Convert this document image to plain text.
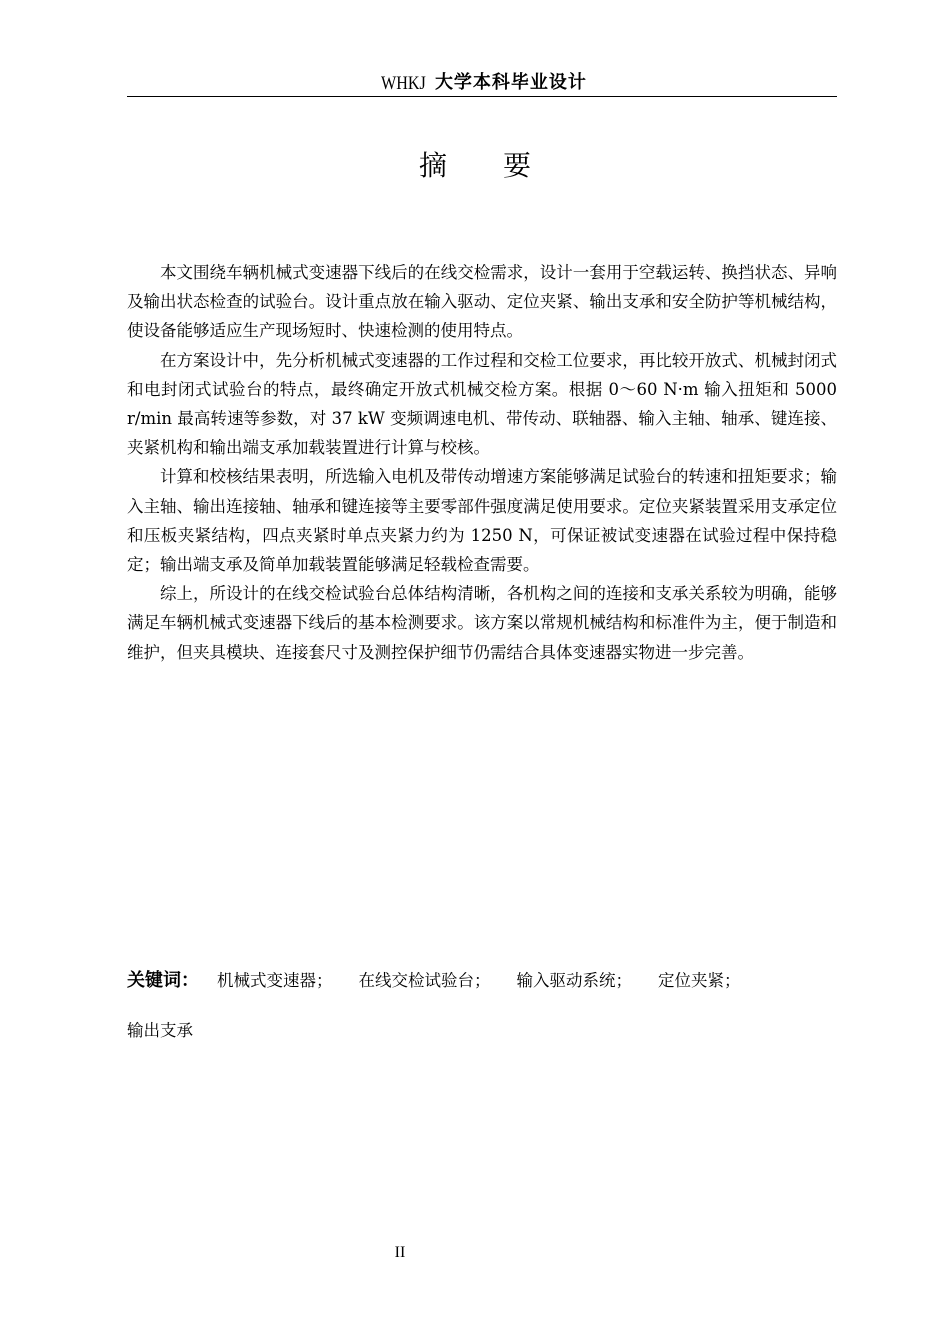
WHKJ 大学本科毕业设计
摘要

本文围绕车辆机械式变速器下线后的在线交检需求，设计一套用于空载运转、换挡状态、异响及输出状态检查的试验台。设计重点放在输入驱动、定位夹紧、输出支承和安全防护等机械结构，使设备能够适应生产现场短时、快速检测的使用特点。

在方案设计中，先分析机械式变速器的工作过程和交检工位要求，再比较开放式、机械封闭式和电封闭式试验台的特点，最终确定开放式机械交检方案。根据 0～60 N·m 输入扭矩和 5000 r/min 最高转速等参数，对 37 kW 变频调速电机、带传动、联轴器、输入主轴、轴承、键连接、夹紧机构和输出端支承加载装置进行计算与校核。

计算和校核结果表明，所选输入电机及带传动增速方案能够满足试验台的转速和扭矩要求；输入主轴、输出连接轴、轴承和键连接等主要零部件强度满足使用要求。定位夹紧装置采用支承定位和压板夹紧结构，四点夹紧时单点夹紧力约为 1250 N，可保证被试变速器在试验过程中保持稳定；输出端支承及简单加载装置能够满足轻载检查需要。

综上，所设计的在线交检试验台总体结构清晰，各机构之间的连接和支承关系较为明确，能够满足车辆机械式变速器下线后的基本检测要求。该方案以常规机械结构和标准件为主，便于制造和维护，但夹具模块、连接套尺寸及测控保护细节仍需结合具体变速器实物进一步完善。

关键词： 机械式变速器； 在线交检试验台； 输入驱动系统； 定位夹紧；
输出支承
II
